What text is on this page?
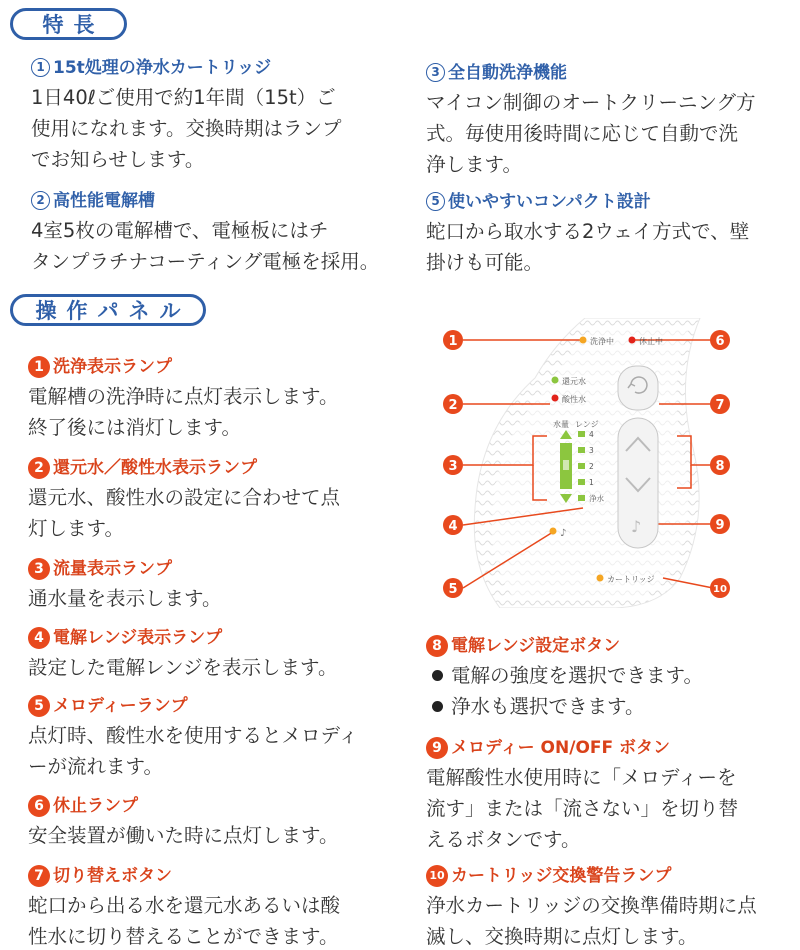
特長
操作パネル
1 15t処理の浄水カートリッジ
1日40ℓご使用で約1年間（15t）ご
使用になれます。交換時期はランプ
でお知らせします。
2 高性能電解槽
4室5枚の電解槽で、電極板にはチ
タンプラチナコーティング電極を採用。
3 全自動洗浄機能
マイコン制御のオートクリーニング方
式。毎使用後時間に応じて自動で洗
浄します。
5 使いやすいコンパクト設計
蛇口から取水する2ウェイ方式で、壁
掛けも可能。
1 洗浄表示ランプ
電解槽の洗浄時に点灯表示します。
終了後には消灯します。
2 還元水／酸性水表示ランプ
還元水、酸性水の設定に合わせて点
灯します。
3 流量表示ランプ
通水量を表示します。
4 電解レンジ表示ランプ
設定した電解レンジを表示します。
5 メロディーランプ
点灯時、酸性水を使用するとメロディ
ーが流れます。
6 休止ランプ
安全装置が働いた時に点灯します。
7 切り替えボタン
蛇口から出る水を還元水あるいは酸
性水に切り替えることができます。
8 電解レンジ設定ボタン
電解の強度を選択できます。
浄水も選択できます。
9 メロディー ON/OFF ボタン
電解酸性水使用時に「メロディーを
流す」または「流さない」を切り替
えるボタンです。
10 カートリッジ交換警告ランプ
浄水カートリッジの交換準備時期に点
滅し、交換時期に点灯します。
洗浄中	休止中
還元水
酸性水
水量 レンジ
4
3
2
1
浄水
♪	♪
カートリッジ
1
2
3
4
5
6
7
8
9
10
